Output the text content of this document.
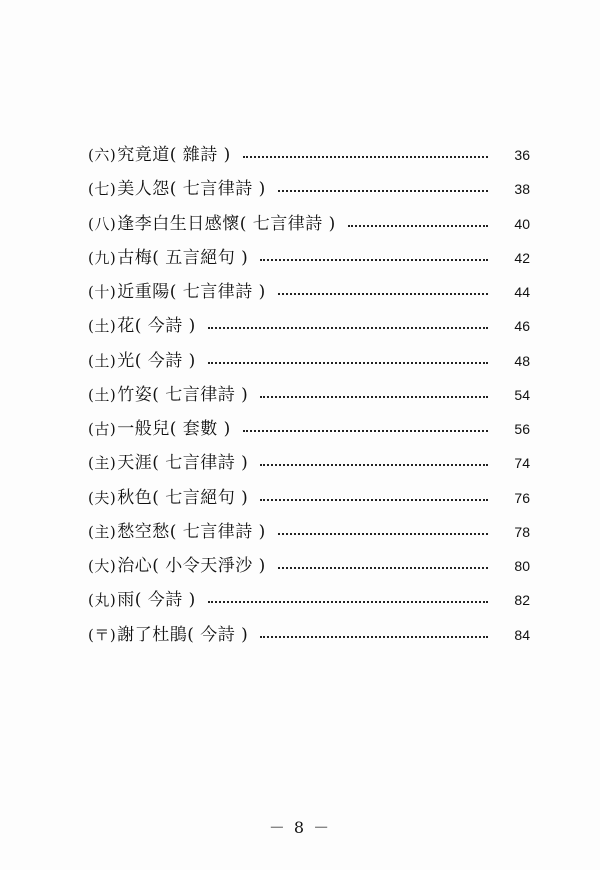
(六) 究竟道 ( 雜詩 )	36
(七) 美人怨 ( 七言律詩 )	38
(八) 逢李白生日感懷 ( 七言律詩 )	40
(九) 古梅 ( 五言絕句 )	42
(十) 近重陽 ( 七言律詩 )	44
(土) 花 ( 今詩 )	46
(土) 光 ( 今詩 )	48
(土) 竹姿 ( 七言律詩 )	54
(古) 一般兒 ( 套數 )	56
(主) 天涯 ( 七言律詩 )	74
(夫) 秋色 ( 七言絕句 )	76
(主) 愁空愁 ( 七言律詩 )	78
(大) 治心 ( 小令天淨沙 )	80
(丸) 雨 ( 今詩 )	82
(〒) 謝了杜鵑 ( 今詩 )	84
－ 8 －
